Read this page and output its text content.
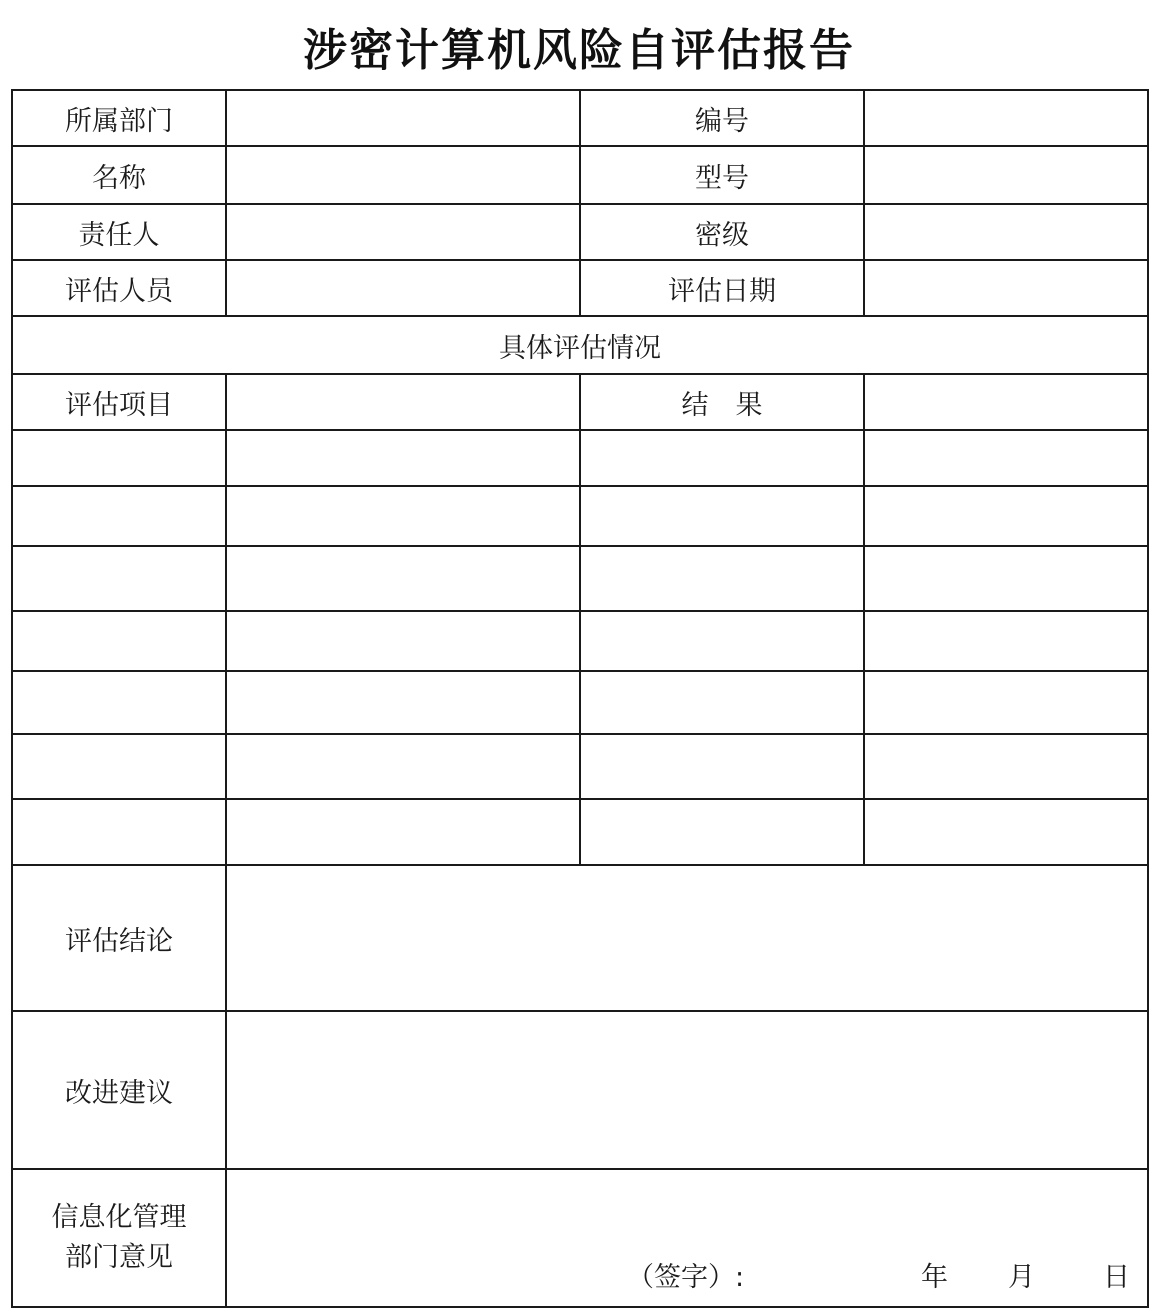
涉密计算机风险自评估报告
所属部门		编号	
名称		型号	
责任人		密级	
评估人员		评估日期	
具体评估情况			
评估项目		结　果	

评估结论			
改进建议			

信息化管理
部门意见

（签字）:	年 月	日
